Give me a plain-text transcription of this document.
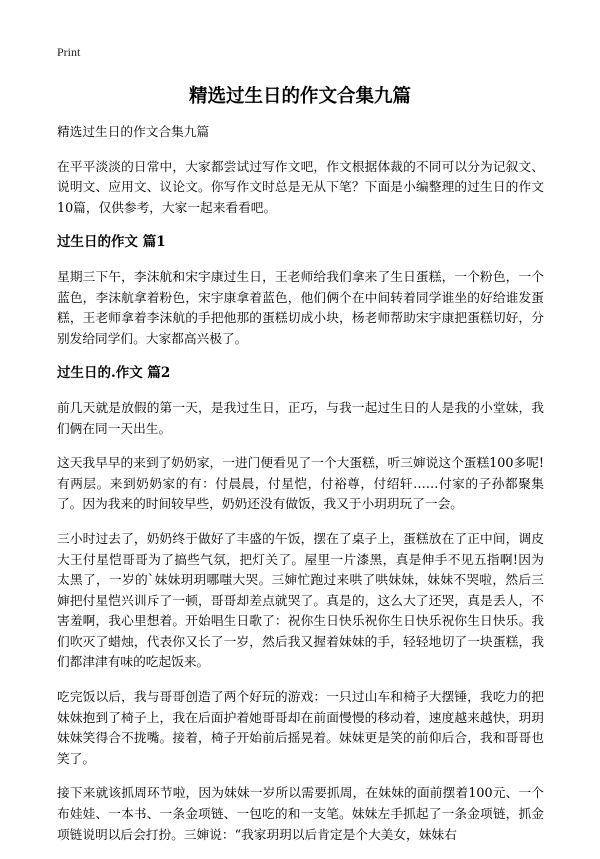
Print
精选过生日的作文合集九篇

精选过生日的作文合集九篇

在平平淡淡的日常中，大家都尝试过写作文吧，作文根据体裁的不同可以分为记叙文、说明文、应用文、议论文。你写作文时总是无从下笔？下面是小编整理的过生日的作文10篇，仅供参考，大家一起来看看吧。

过生日的作文 篇1

星期三下午，李沫航和宋宇康过生日，王老师给我们拿来了生日蛋糕，一个粉色，一个蓝色，李沫航拿着粉色，宋宇康拿着蓝色，他们俩个在中间转着同学谁坐的好给谁发蛋糕，王老师拿着李沫航的手把他那的蛋糕切成小块，杨老师帮助宋宇康把蛋糕切好，分别发给同学们。大家都高兴极了。

过生日的.作文 篇2

前几天就是放假的第一天，是我过生日，正巧，与我一起过生日的人是我的小堂妹，我们俩在同一天出生。

这天我早早的来到了奶奶家，一进门便看见了一个大蛋糕，听三婶说这个蛋糕100多呢!有两层。来到奶奶家的有：付晨晨，付星恺，付裕尊，付绍轩……付家的子孙都聚集了。因为我来的时间较早些，奶奶还没有做饭，我又于小玥玥玩了一会。

三小时过去了，奶奶终于做好了丰盛的午饭，摆在了桌子上，蛋糕放在了正中间，调皮大王付星恺哥哥为了搞些气氛，把灯关了。屋里一片漆黑，真是伸手不见五指啊!因为太黑了，一岁的`妹妹玥玥哪嗤大哭。三婶忙跑过来哄了哄妹妹，妹妹不哭啦，然后三婶把付星恺兴训斥了一顿，哥哥却差点就哭了。真是的，这么大了还哭，真是丢人，不害羞啊，我心里想着。开始唱生日歌了：祝你生日快乐祝你生日快乐祝你生日快乐。我们吹灭了蜡烛，代表你又长了一岁，然后我又握着妹妹的手，轻轻地切了一块蛋糕，我们都津津有味的吃起饭来。

吃完饭以后，我与哥哥创造了两个好玩的游戏：一只过山车和椅子大摆锤，我吃力的把妹妹抱到了椅子上，我在后面护着她哥哥却在前面慢慢的移动着，速度越来越快，玥玥妹妹笑得合不拢嘴。接着，椅子开始前后摇晃着。妹妹更是笑的前仰后合，我和哥哥也笑了。

接下来就该抓周环节啦，因为妹妹一岁所以需要抓周，在妹妹的面前摆着100元、一个布娃娃、一本书、一条金项链、一包吃的和一支笔。妹妹左手抓起了一条金项链，抓金项链说明以后会打扮。三婶说：“我家玥玥以后肯定是个大美女，妹妹右
